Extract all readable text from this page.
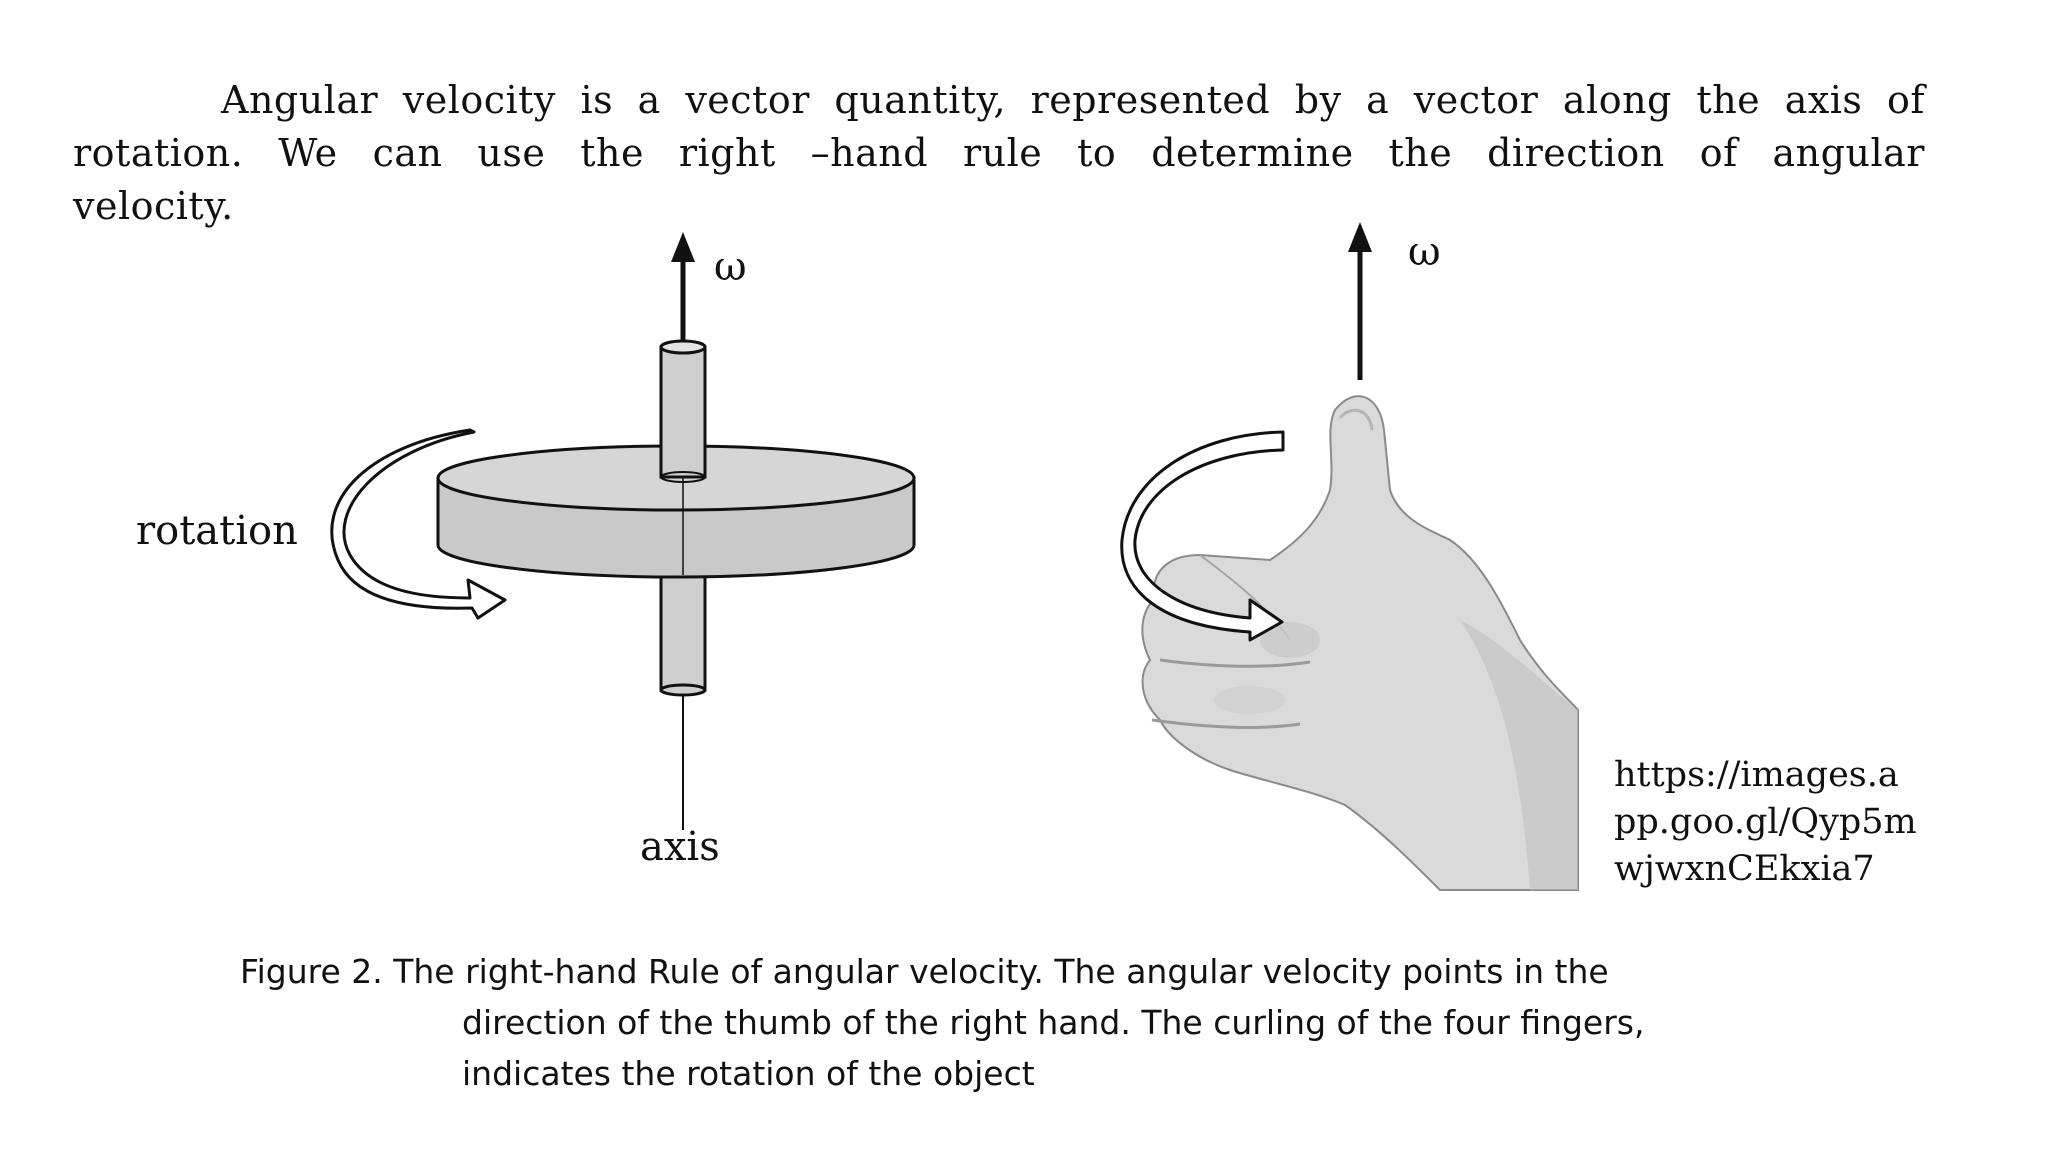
Angular velocity is a vector quantity, represented by a vector along the axis of
rotation. We can use the right –hand rule to determine the direction of angular
velocity.
ω
rotation
axis
ω
https://images.a
pp.goo.gl/Qyp5m
wjwxnCEkxia7
Figure 2. The right-hand Rule of angular velocity. The angular velocity points in the
direction of the thumb of the right hand. The curling of the four fingers,
indicates the rotation of the object
